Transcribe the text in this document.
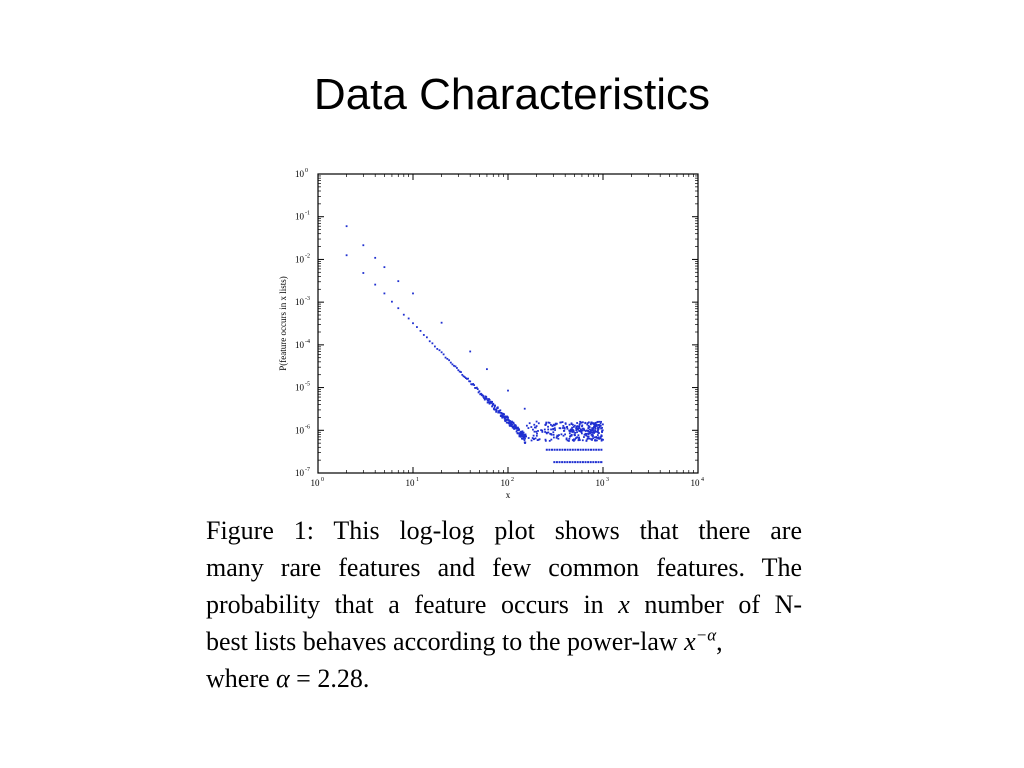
Data Characteristics
10 0	10 1	10 2	10 3	10 4
10 0
10 -1
10 -2
10 -3
10 -4
10 -5
10 -6
10 -7
x
P(feature occurs in x lists)
Figure 1: This log-log plot shows that there are
many rare features and few common features. The
probability that a feature occurs in x number of N-
best lists behaves according to the power-law $x^{-\alpha}$,
where α = 2.28.
